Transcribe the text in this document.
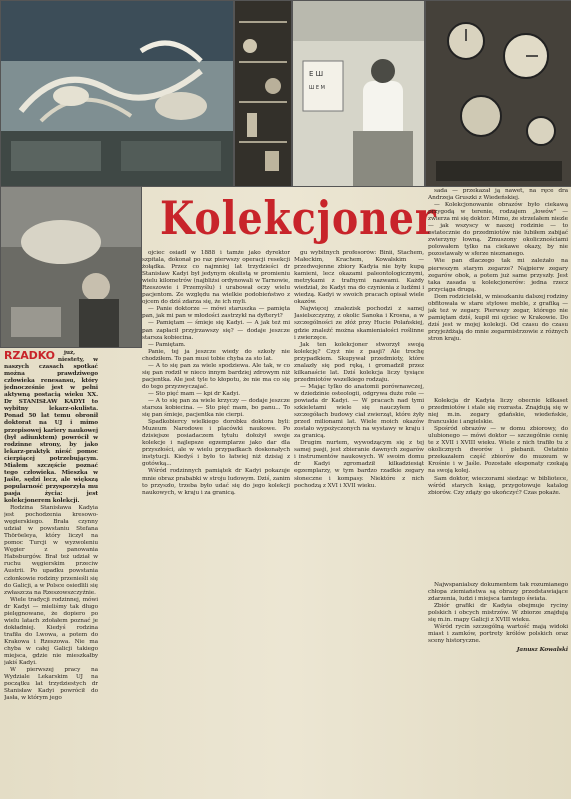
E Ш
Ш E M
Kolekcjoner
RZADKO	już, niestety, w naszych czasach spotkać można prawdziwego człowieka renesansu, który jednocześnie jest w pełni aktywną postacią wieku XX. Dr STANISŁAW KADYI to wybitny lekarz-okulista. Ponad 50 lat temu obronił doktorat na UJ i mimo przepisowej kariery naukowej (był adiunktem) powrócił w rodzinne strony, by jako lekarz-praktyk nieść pomoc cierpiącej potrzebującym. Miałem szczęście poznać tego człowieka. Mieszka w Jaśle, sędzi lecz, ale większą popularność przysporzyła mu pasja życia: jest kolekcjonerem kolekcji.

Rodzina Stanisława Kadyia jest pochodzenia kresowo-węgierskiego. Brała czynny udział w powstaniu Stefana Thöröeleya, który liczył na pomoc Turcji w wyzwoleniu Węgier z panowania Habsburgów. Brał też udział w ruchu węgierskim przeciw Austrii. Po upadku powstania członkowie rodziny przenieśli się do Galicji, a w Polsce osiedlili się zwłaszcza na Rzeszowszczyźnie.

Wiele tradycji rodzinnej, mówi dr Kadyi — mieliśmy tak długo pielęgnowane, że dopiero po wielu latach zdołałem poznać je dokładniej. Kiedyś rodzina trafiła do Lwowa, a potem do Krakowa i Rzeszowa. Nie ma chyba w całej Galicji takiego miejsca, gdzie nie mieszkałby jakiś Kadyi.

W pierwszej pracy na Wydziale Lekarskim UJ na początku lat trzydziestych dr Stanisław Kadyi powrócił do Jasła, w którym jego

ojciec osiadł w 1888 i tamże jako dyrektor szpitala, dokonał po raz pierwszy operacji resekcji żołądka. Przez co najmniej lat trzydzieści dr Stanisław Kadyi był jedynym okulistą w promieniu wielu kilometrów (najbliżsi ordynowali w Tarnowie, Rzeszowie i Przemyślu) i urabował oczy wielu pacjentom. Ze względu na wielkie podobieństwo z ojcem do dziś zdarza się, że ich myli.

— Panie doktorze — mówi staruszka — pamięta pan, jak mi pan w młodości zastrzykł na dyfteryt?

— Pamiętam — śmieje się Kadyi. — A jak też mi pan zapłacił przyjrzawszy się? — dodaje jeszcze starsza kobiecina.

— Pamiętam.

Panie, tej ja jeszcze wiedy do szkoły nie chodziłem. To pan musi tobie chyba za sto lat.

— A to się pan za wiele spodziewa. Ale tak, w co się pan rodził w nieco innym bardziej zdrowym niż pacjentka. Ale jest tyle to kłopotu, że nie ma co się do tego przyzwyczajać.

— Sto pięć mam — kpi dr Kadyi.

— A to się pan za wiele krzyczy — dodaje jeszcze starsza kobiecina. — Sto pięć mam, bo panu... To się pan śmieje, pacjentka nie cierpi.

Spadkobiercy wielkiego dorobku doktora byli: Muzeum Narodowe i placówki naukowe. Po dzisiejsze posiadaczem tytułu dołożył swoje kolekcje i najlepsze egzemplarze jako dar dla przyszłości, ale w wielu przypadkach doskonałych instytucji. Kiedyś i było to łatwiej niż dzisiaj z gotówką...

Wśród rodzinnych pamiątek dr Kadyi pokazuje mnie obraz prababki w stroju ludowym. Dziś, zanim to przyszło, trzeba było udać się do jego kolekcji naukowych, w kraju i za granicą.

gu wybitnych profesorów: Binii, Stachem, Małeckim, Krachem, Kowalskim — przedwojenne zbiory Kadyia nie były kupą kamieni, lecz okazami paleontologicznymi, metrykami z trafnymi nazwami. Każdy wiedział, że Kadyi ma do czynienia z ludźmi i wiedzą. Kadyi w swoich pracach opisał wiele okazów.

Najwięcej znalezisk pochodzi z samej Jasielszczyzny, z okolic Sanoka i Krosna, a w szczególności ze złóż przy Hucie Polańskiej, gdzie znaleźć można skamieniałości roślinne i zwierzęce.

Jak ten kolekcjoner stworzył swoją kolekcję? Czyż nie z pasji? Ale trochę przypadkiem. Skupywał przedmioty, które znalazły się pod ręką, i gromadził przez kilkanaście lat. Dziś kolekcja liczy tysiące przedmiotów wszelkiego rodzaju.

— Mając tylko do anatomii porównawczej, w dziedzinie osteologii, odgrywa duże role — powiada dr Kadyi. — W pracach nad tymi szkieletami wiele się nauczyłem o szczegółach budowy ciał zwierząt, które żyły przed milionami lat. Wiele moich okazów zostało wypożyczonych na wystawy w kraju i za granicą.

Drugim nurtem, wywodzącym się z tej samej pasji, jest zbieranie dawnych zegarów i instrumentów naukowych. W swoim domu dr Kadyi zgromadził kilkadziesiąt egzemplarzy, w tym bardzo rzadkie zegary słoneczne i kompasy. Niektóre z nich pochodzą z XVI i XVII wieku.

sada — przekazał ją nawet, na ręce dra Andrzeja Gruszki z Wiedeńskiej.

— Kolekcjonowanie obrazów było ciekawą przygodą w terenie, rodzajem „łowów" — zwierza mi się doktor. Mimo, że strzelałem niezle — jak wszyscy w naszej rodzinie — to ostatecznie do przedmiotów nie lubiłem zabijać zwierzyny łowną. Zmuszony okolicznościami polowałem tylko na ciekawe okazy, by nie pozostawały w sferze nieznanego.

Wie pan dlaczego tak mi zależało na pierwszym starym zegarze? Najpierw zegary zegarów obok, a potem już same przyszły. Jest taka zasada u kolekcjonerów: jedna rzecz przyciąga drugą.

Dom rodzicielski, w mieszkaniu dalszej rodziny obfitowała w stare stylowe meble, z grafiką — jak też w zegary. Pierwszy zegar, którego nie pamiętam dziś, kupił mi ojciec w Krakowie. Do dziś jest w mojej kolekcji. Od czasu do czasu przyjeżdżają do mnie zegarmistrzowie z różnych stron kraju.

Kolekcja dr Kadyia liczy obecnie kilkaset przedmiotów i stale się rozrasta. Znajdują się w niej m.in. zegary gdańskie, wiedeńskie, francuskie i angielskie.

Spośród obrazów — w domu zbiorowy, do ulubionego — mówi doktor — szczególnie cenię te z XVII i XVIII wieku. Wiele z nich trafiło tu z okolicznych dworów i plebanii. Ostatnio przekazałem część zbiorów do muzeum w Krośnie i w Jaśle. Pozostałe eksponaty czekają na swoją kolej.

Sam doktor, wieczorami siedząc w bibliotece, wśród starych ksiąg, przygotowuje katalog zbiorów. Czy zdąży go ukończyć? Czas pokaże.

Najwspanialszy dokumentem tak rozumianego chłopa ziemiaństwa są obrazy przedstawiające zdarzenia, ludzi i miejsca tamtego świata.

Zbiór grafiki dr Kadyia obejmuje ryciny polskich i obcych mistrzów. W zbiorze znajdują się m.in. mapy Galicji z XVIII wieku.

Wśród rycin szczególną wartość mają widoki miast i zamków, portrety królów polskich oraz sceny historyczne.

Janusz Kowalski
